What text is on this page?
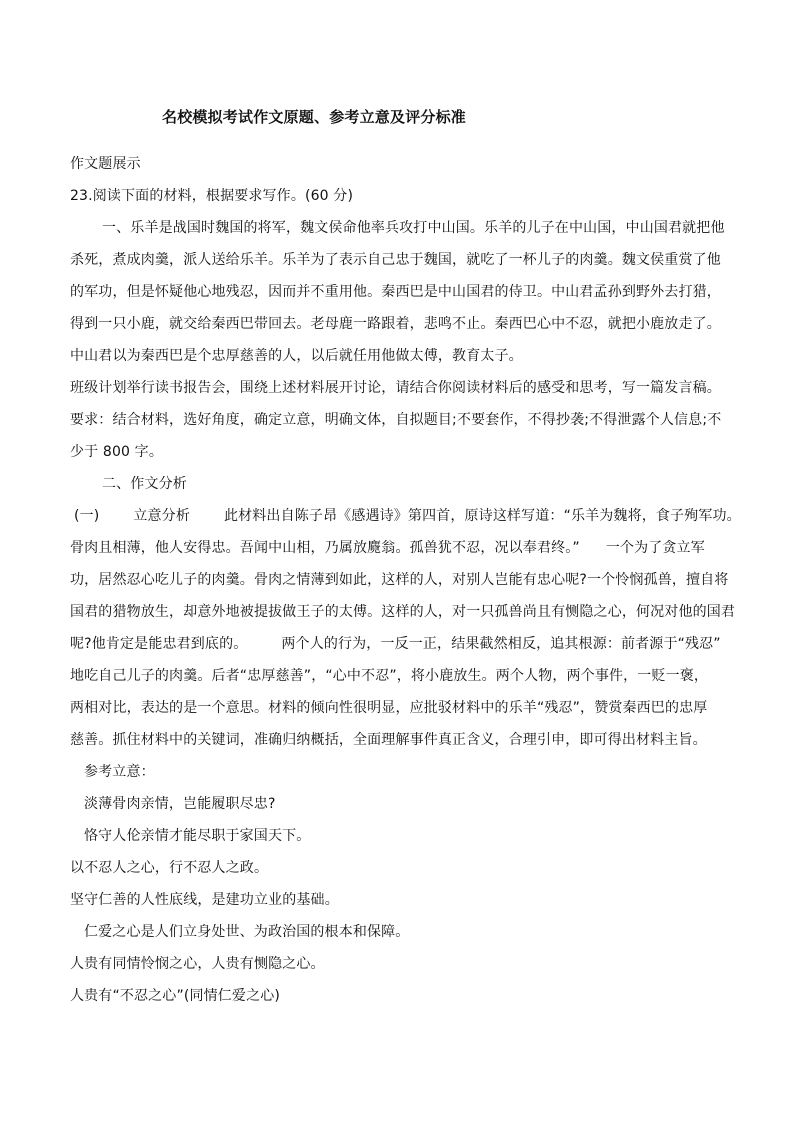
名校模拟考试作文原题、参考立意及评分标准
作文题展示
23.阅读下面的材料，根据要求写作。(60 分)
一、乐羊是战国时魏国的将军，魏文侯命他率兵攻打中山国。乐羊的儿子在中山国，中山国君就把他
杀死，煮成肉羹，派人送给乐羊。乐羊为了表示自己忠于魏国，就吃了一杯儿子的肉羹。魏文侯重赏了他
的军功，但是怀疑他心地残忍，因而并不重用他。秦西巴是中山国君的侍卫。中山君孟孙到野外去打猎，
得到一只小鹿，就交给秦西巴带回去。老母鹿一路跟着，悲鸣不止。秦西巴心中不忍，就把小鹿放走了。
中山君以为秦西巴是个忠厚慈善的人，以后就任用他做太傅，教育太子。
班级计划举行读书报告会，围绕上述材料展开讨论，请结合你阅读材料后的感受和思考，写一篇发言稿。
要求：结合材料，选好角度，确定立意，明确文体，自拟题目;不要套作，不得抄袭;不得泄露个人信息;不
少于 800 字。
二、作文分析
(一) 立意分析 此材料出自陈子昂《感遇诗》第四首，原诗这样写道：“乐羊为魏将，食子殉军功。
骨肉且相薄，他人安得忠。吾闻中山相，乃属放麑翁。孤兽犹不忍，况以奉君终。” 一个为了贪立军
功，居然忍心吃儿子的肉羹。骨肉之情薄到如此，这样的人，对别人岂能有忠心呢?一个怜悯孤兽，擅自将
国君的猎物放生，却意外地被提拔做王子的太傅。这样的人，对一只孤兽尚且有恻隐之心，何况对他的国君
呢?他肯定是能忠君到底的。 两个人的行为，一反一正，结果截然相反，追其根源：前者源于“残忍”
地吃自己儿子的肉羹。后者“忠厚慈善”，“心中不忍”，将小鹿放生。两个人物，两个事件，一贬一褒，
两相对比，表达的是一个意思。材料的倾向性很明显，应批驳材料中的乐羊“残忍”，赞赏秦西巴的忠厚
慈善。抓住材料中的关键词，准确归纳概括，全面理解事件真正含义，合理引申，即可得出材料主旨。
参考立意：
淡薄骨肉亲情，岂能履职尽忠?
恪守人伦亲情才能尽职于家国天下。
以不忍人之心，行不忍人之政。
坚守仁善的人性底线，是建功立业的基础。
仁爱之心是人们立身处世、为政治国的根本和保障。
人贵有同情怜悯之心，人贵有恻隐之心。
人贵有“不忍之心”(同情仁爱之心)
